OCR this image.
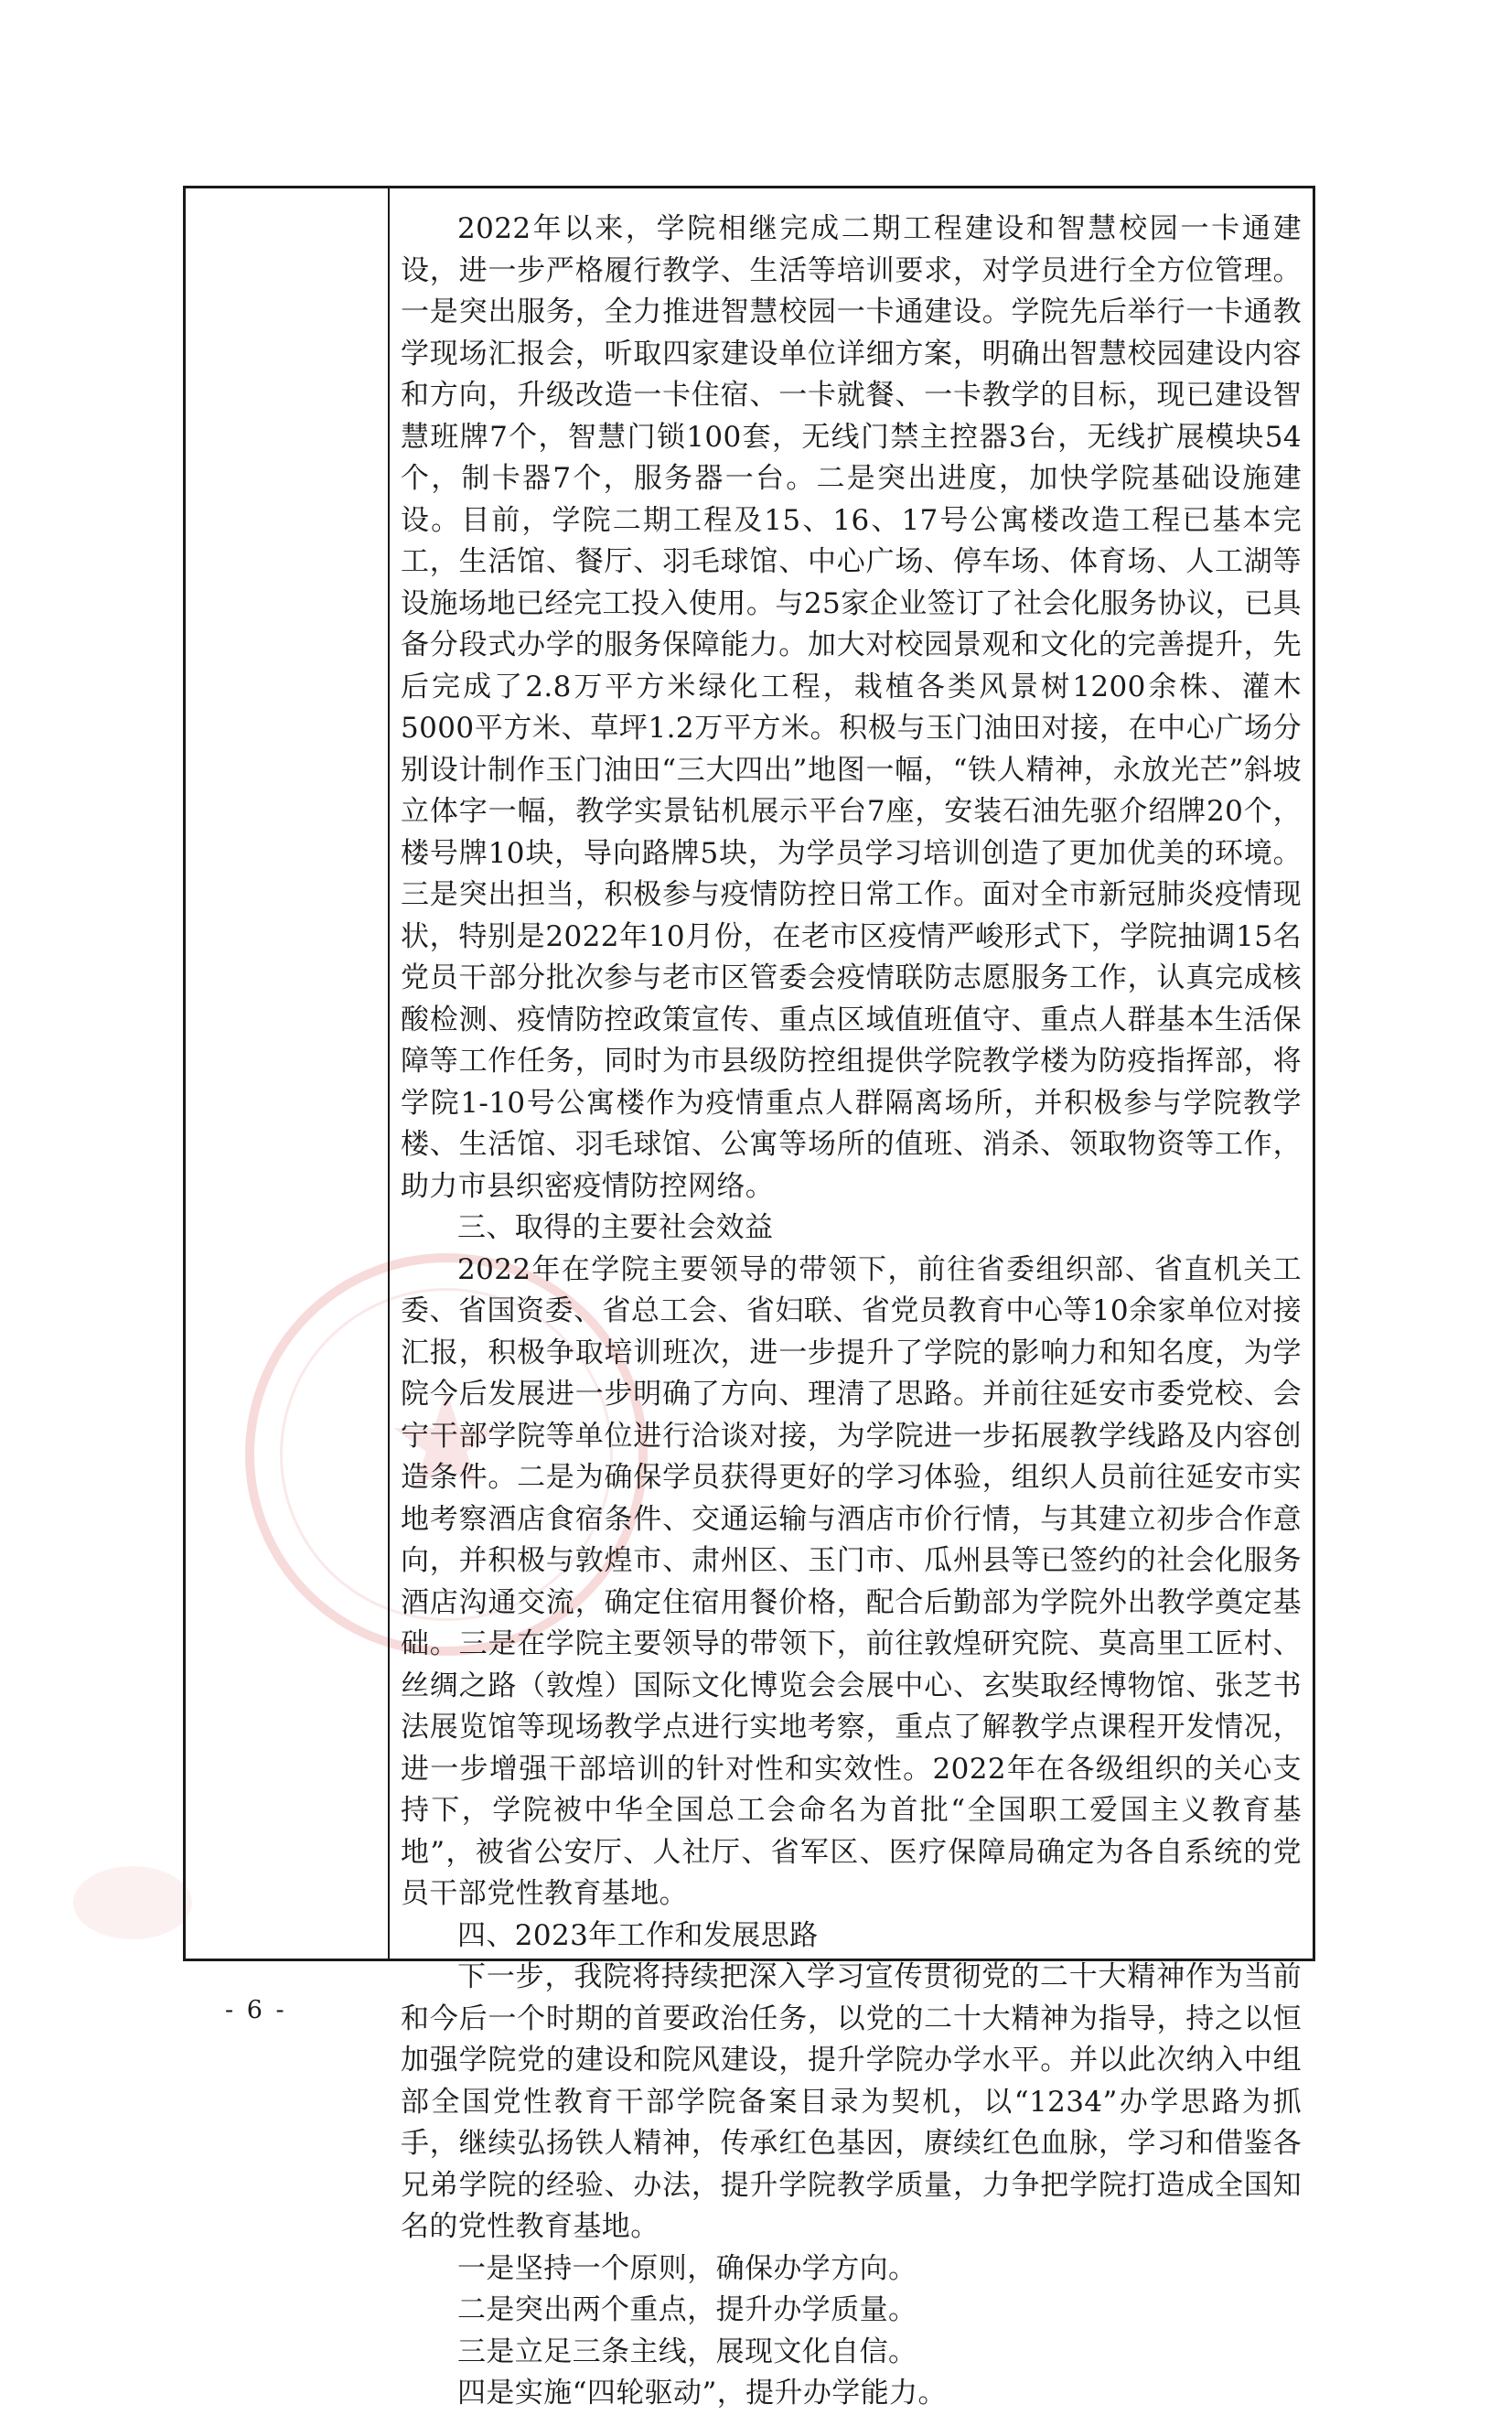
★

2022年以来，学院相继完成二期工程建设和智慧校园一卡通建设，进一步严格履行教学、生活等培训要求，对学员进行全方位管理。一是突出服务，全力推进智慧校园一卡通建设。学院先后举行一卡通教学现场汇报会，听取四家建设单位详细方案，明确出智慧校园建设内容和方向，升级改造一卡住宿、一卡就餐、一卡教学的目标，现已建设智慧班牌7个，智慧门锁100套，无线门禁主控器3台，无线扩展模块54个，制卡器7个，服务器一台。二是突出进度，加快学院基础设施建设。目前，学院二期工程及15、16、17号公寓楼改造工程已基本完工，生活馆、餐厅、羽毛球馆、中心广场、停车场、体育场、人工湖等设施场地已经完工投入使用。与25家企业签订了社会化服务协议，已具备分段式办学的服务保障能力。加大对校园景观和文化的完善提升，先后完成了2.8万平方米绿化工程，栽植各类风景树1200余株、灌木5000平方米、草坪1.2万平方米。积极与玉门油田对接，在中心广场分别设计制作玉门油田“三大四出”地图一幅，“铁人精神，永放光芒”斜坡立体字一幅，教学实景钻机展示平台7座，安装石油先驱介绍牌20个，楼号牌10块，导向路牌5块，为学员学习培训创造了更加优美的环境。三是突出担当，积极参与疫情防控日常工作。面对全市新冠肺炎疫情现状，特别是2022年10月份，在老市区疫情严峻形式下，学院抽调15名党员干部分批次参与老市区管委会疫情联防志愿服务工作，认真完成核酸检测、疫情防控政策宣传、重点区域值班值守、重点人群基本生活保障等工作任务，同时为市县级防控组提供学院教学楼为防疫指挥部，将学院1-10号公寓楼作为疫情重点人群隔离场所，并积极参与学院教学楼、生活馆、羽毛球馆、公寓等场所的值班、消杀、领取物资等工作，助力市县织密疫情防控网络。

三、取得的主要社会效益

2022年在学院主要领导的带领下，前往省委组织部、省直机关工委、省国资委、省总工会、省妇联、省党员教育中心等10余家单位对接汇报，积极争取培训班次，进一步提升了学院的影响力和知名度，为学院今后发展进一步明确了方向、理清了思路。并前往延安市委党校、会宁干部学院等单位进行洽谈对接，为学院进一步拓展教学线路及内容创造条件。二是为确保学员获得更好的学习体验，组织人员前往延安市实地考察酒店食宿条件、交通运输与酒店市价行情，与其建立初步合作意向，并积极与敦煌市、肃州区、玉门市、瓜州县等已签约的社会化服务酒店沟通交流，确定住宿用餐价格，配合后勤部为学院外出教学奠定基础。三是在学院主要领导的带领下，前往敦煌研究院、莫高里工匠村、丝绸之路（敦煌）国际文化博览会会展中心、玄奘取经博物馆、张芝书法展览馆等现场教学点进行实地考察，重点了解教学点课程开发情况，进一步增强干部培训的针对性和实效性。2022年在各级组织的关心支持下，学院被中华全国总工会命名为首批“全国职工爱国主义教育基地”，被省公安厅、人社厅、省军区、医疗保障局确定为各自系统的党员干部党性教育基地。

四、2023年工作和发展思路

下一步，我院将持续把深入学习宣传贯彻党的二十大精神作为当前和今后一个时期的首要政治任务，以党的二十大精神为指导，持之以恒加强学院党的建设和院风建设，提升学院办学水平。并以此次纳入中组部全国党性教育干部学院备案目录为契机，以“1234”办学思路为抓手，继续弘扬铁人精神，传承红色基因，赓续红色血脉，学习和借鉴各兄弟学院的经验、办法，提升学院教学质量，力争把学院打造成全国知名的党性教育基地。

一是坚持一个原则，确保办学方向。

二是突出两个重点，提升办学质量。

三是立足三条主线，展现文化自信。

四是实施“四轮驱动”，提升办学能力。

- 6 -
